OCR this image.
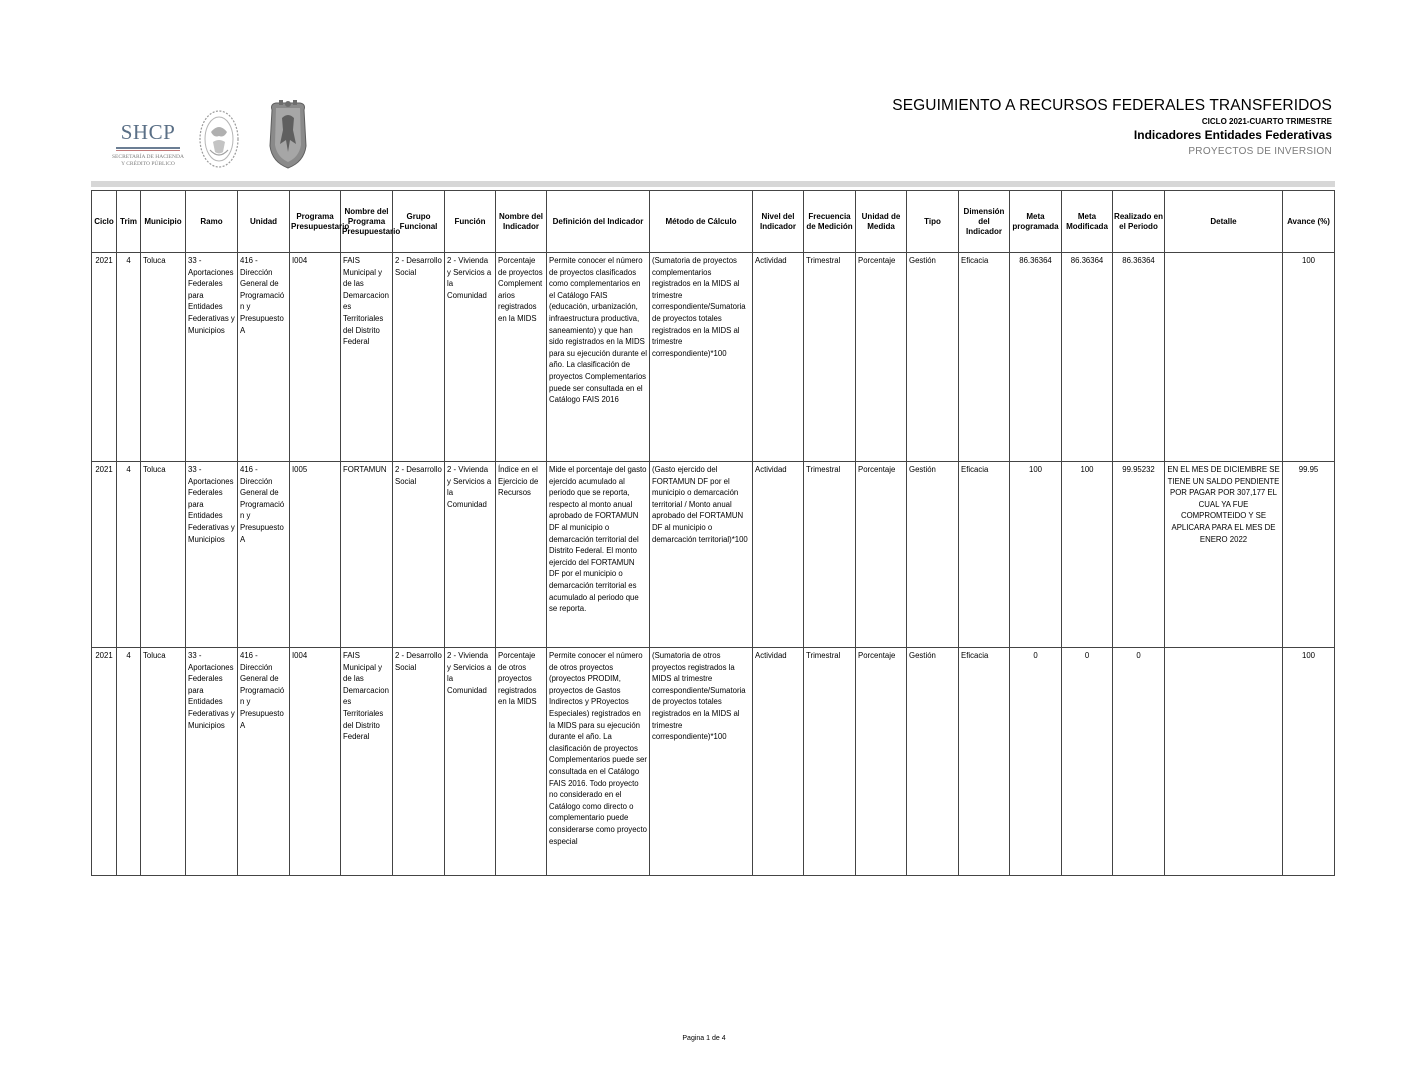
SHCP
SECRETARÍA DE HACIENDA
Y CRÉDITO PÚBLICO
SEGUIMIENTO A RECURSOS FEDERALES TRANSFERIDOS
CICLO 2021-CUARTO TRIMESTRE
Indicadores Entidades Federativas
PROYECTOS DE INVERSION
Ciclo	Trim	Municipio	Ramo	Unidad	Programa Presupuestario	Nombre del Programa Presupuestario	Grupo Funcional	Función	Nombre del Indicador	Definición del Indicador	Método de Cálculo	Nivel del Indicador	Frecuencia de Medición	Unidad de Medida	Tipo	Dimensión del Indicador	Meta programada	Meta Modificada	Realizado en el Periodo	Detalle	Avance (%)
2021	4	Toluca	33 - Aportaciones Federales para Entidades Federativas y Municipios	416 - Dirección General de Programación y Presupuesto A	I004	FAIS Municipal y de las Demarcaciones Territoriales del Distrito Federal	2 - Desarrollo Social	2 - Vivienda y Servicios a la Comunidad	Porcentaje de proyectos Complementarios registrados en la MIDS	Permite conocer el número de proyectos clasificados como complementarios en el Catálogo FAIS (educación, urbanización, infraestructura productiva, saneamiento) y que han sido registrados en la MIDS para su ejecución durante el año. La clasificación de proyectos Complementarios puede ser consultada en el Catálogo FAIS 2016	(Sumatoria de proyectos complementarios registrados en la MIDS al trimestre correspondiente/Sumatoria de proyectos totales registrados en la MIDS al trimestre correspondiente)*100	Actividad	Trimestral	Porcentaje	Gestión	Eficacia	86.36364	86.36364	86.36364		100
2021	4	Toluca	33 - Aportaciones Federales para Entidades Federativas y Municipios	416 - Dirección General de Programación y Presupuesto A	I005	FORTAMUN	2 - Desarrollo Social	2 - Vivienda y Servicios a la Comunidad	Índice en el Ejercicio de Recursos	Mide el porcentaje del gasto ejercido acumulado al periodo que se reporta, respecto al monto anual aprobado de FORTAMUN DF al municipio o demarcación territorial del Distrito Federal. El monto ejercido del FORTAMUN DF por el municipio o demarcación territorial es acumulado al periodo que se reporta.	(Gasto ejercido del FORTAMUN DF por el municipio o demarcación territorial / Monto anual aprobado del FORTAMUN DF al municipio o demarcación territorial)*100	Actividad	Trimestral	Porcentaje	Gestión	Eficacia	100	100	99.95232	EN EL MES DE DICIEMBRE SE TIENE UN SALDO PENDIENTE POR PAGAR POR 307,177 EL CUAL YA FUE COMPROMTEIDO Y SE APLICARA PARA EL MES DE ENERO 2022	99.95
2021	4	Toluca	33 - Aportaciones Federales para Entidades Federativas y Municipios	416 - Dirección General de Programación y Presupuesto A	I004	FAIS Municipal y de las Demarcaciones Territoriales del Distrito Federal	2 - Desarrollo Social	2 - Vivienda y Servicios a la Comunidad	Porcentaje de otros proyectos registrados en la MIDS	Permite conocer el número de otros proyectos (proyectos PRODIM, proyectos de Gastos Indirectos y PRoyectos Especiales) registrados en la MIDS para su ejecución durante el año. La clasificación de proyectos Complementarios puede ser consultada en el Catálogo FAIS 2016. Todo proyecto no considerado en el Catálogo como directo o complementario puede considerarse como proyecto especial	(Sumatoria de otros proyectos registrados la MIDS al trimestre correspondiente/Sumatoria de proyectos totales registrados en la MIDS al trimestre correspondiente)*100	Actividad	Trimestral	Porcentaje	Gestión	Eficacia	0	0	0		100
Pagina 1 de 4
